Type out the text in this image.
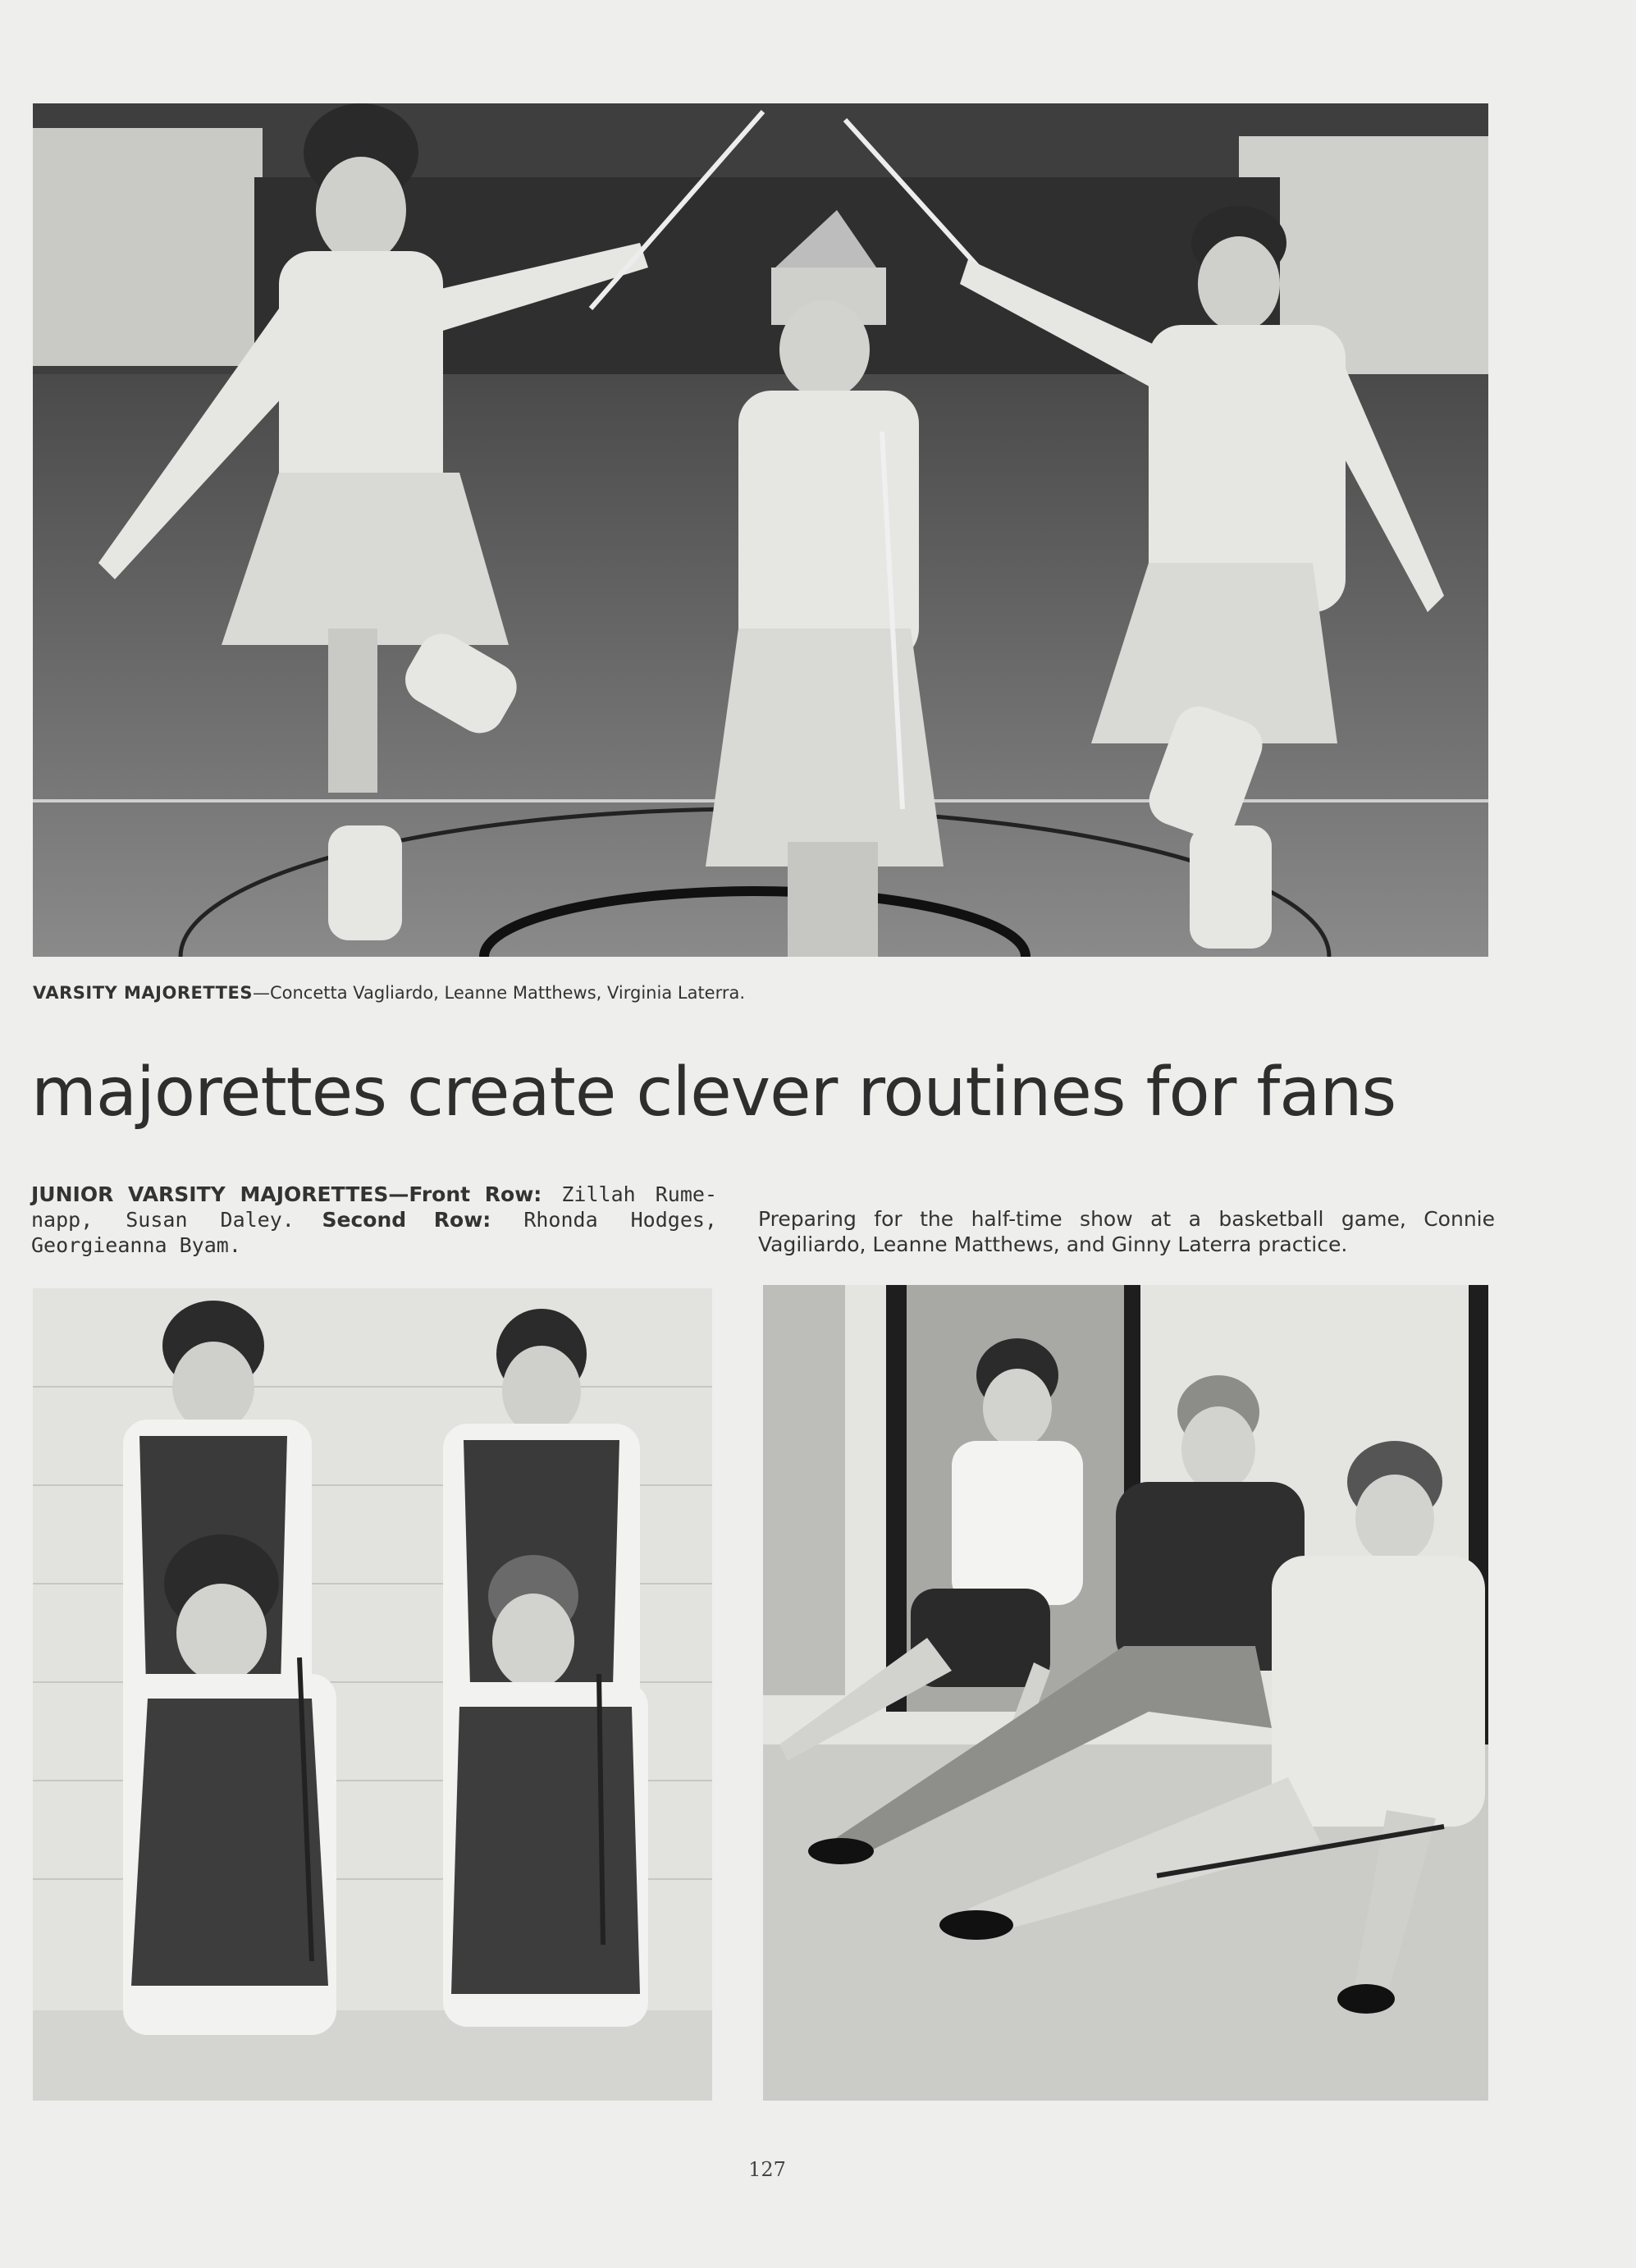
VARSITY MAJORETTES—Concetta Vagliardo, Leanne Matthews, Virginia Laterra.
majorettes create clever routines for fans
JUNIOR VARSITY MAJORETTES—Front Row: Zillah Rume-napp, Susan Daley. Second Row: Rhonda Hodges, Georgieanna Byam.
Preparing for the half-time show at a basketball game, Connie Vagiliardo, Leanne Matthews, and Ginny Laterra practice.
127
